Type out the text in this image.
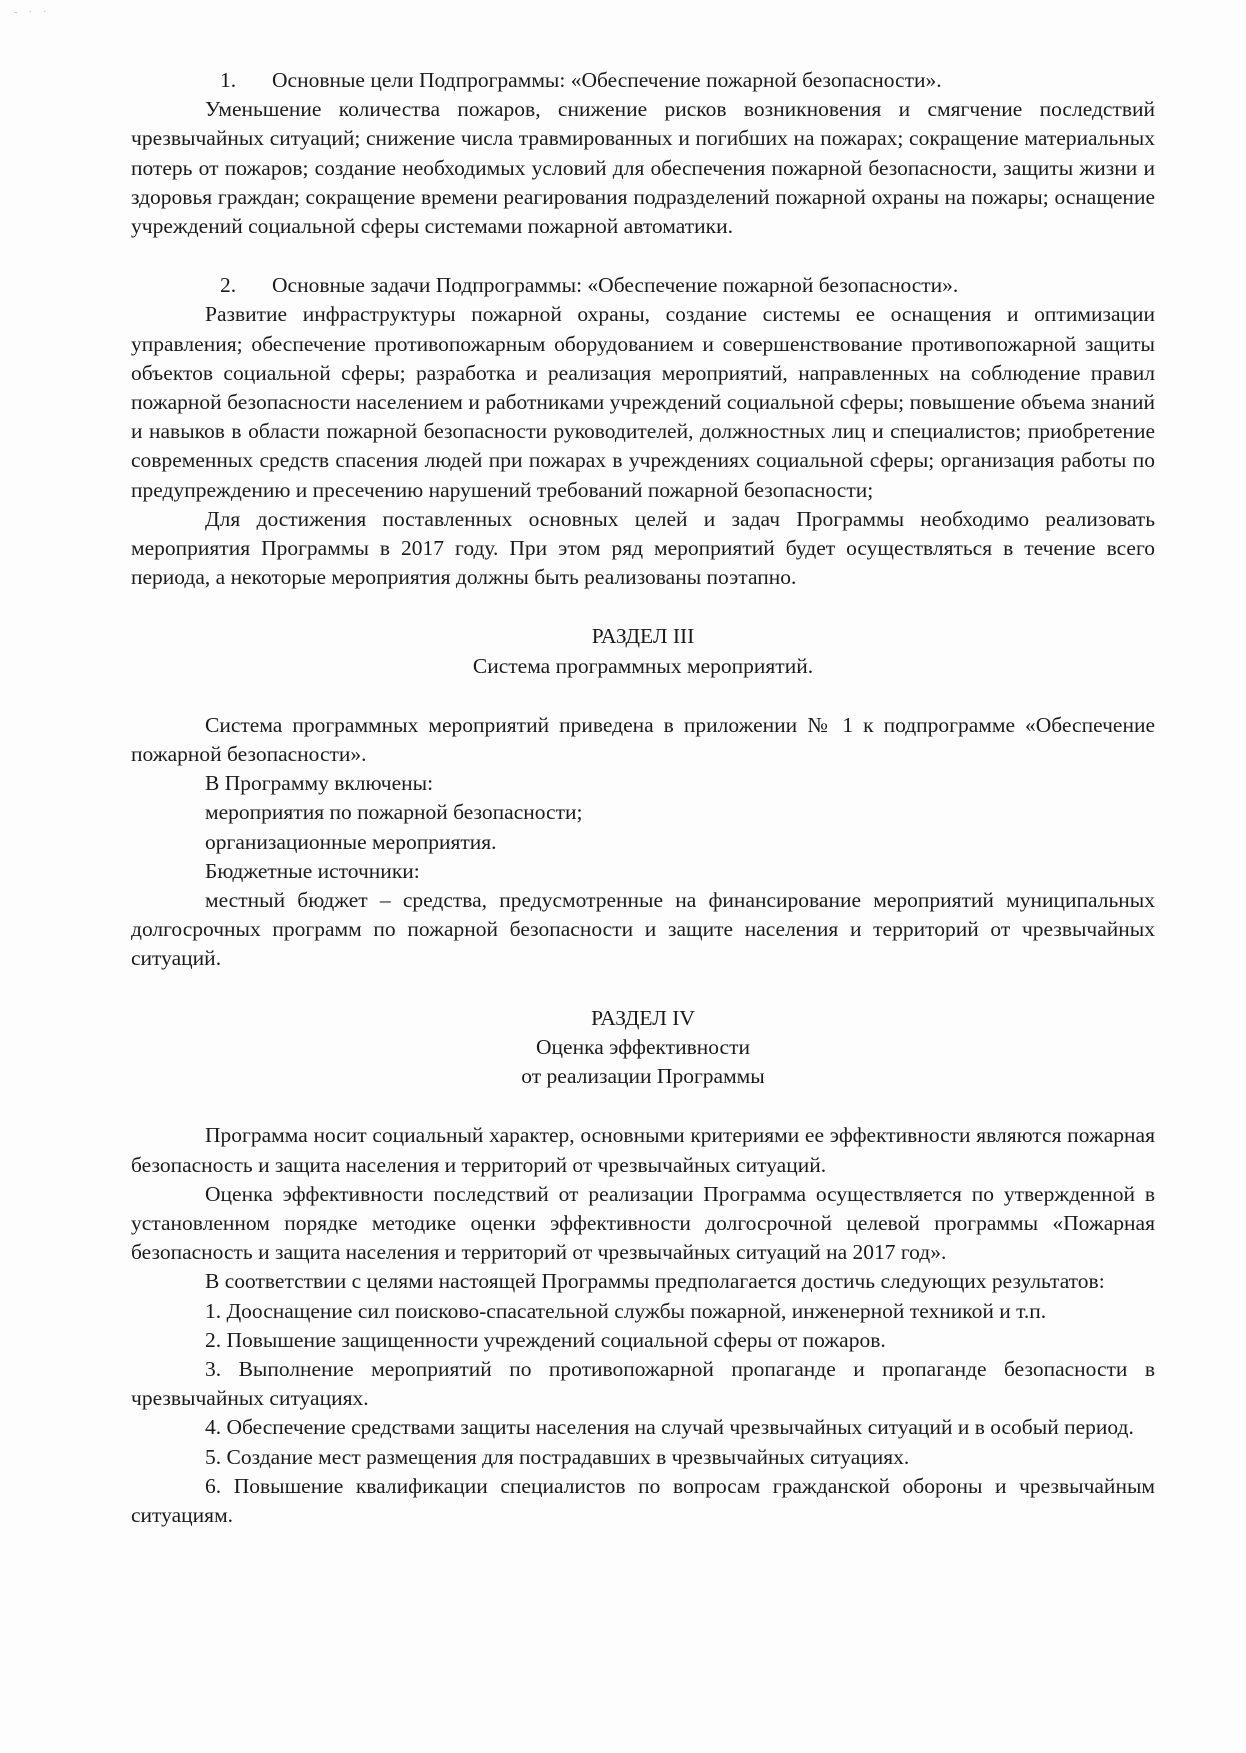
- · ·

1. Основные цели Подпрограммы: «Обеспечение пожарной безопасности».

Уменьшение количества пожаров, снижение рисков возникновения и смягчение последствий чрезвычайных ситуаций; снижение числа травмированных и погибших на пожарах; сокращение материальных потерь от пожаров; создание необходимых условий для обеспечения пожарной безопасности, защиты жизни и здоровья граждан; сокращение времени реагирования подразделений пожарной охраны на пожары; оснащение учреждений социальной сферы системами пожарной автоматики.

2. Основные задачи Подпрограммы: «Обеспечение пожарной безопасности».

Развитие инфраструктуры пожарной охраны, создание системы ее оснащения и оптимизации управления; обеспечение противопожарным оборудованием и совершенствование противопожарной защиты объектов социальной сферы; разработка и реализация мероприятий, направленных на соблюдение правил пожарной безопасности населением и работниками учреждений социальной сферы; повышение объема знаний и навыков в области пожарной безопасности руководителей, должностных лиц и специалистов; приобретение современных средств спасения людей при пожарах в учреждениях социальной сферы; организация работы по предупреждению и пресечению нарушений требований пожарной безопасности;

Для достижения поставленных основных целей и задач Программы необходимо реализовать мероприятия Программы в 2017 году. При этом ряд мероприятий будет осуществляться в течение всего периода, а некоторые мероприятия должны быть реализованы поэтапно.

РАЗДЕЛ III

Система программных мероприятий.

Система программных мероприятий приведена в приложении № 1 к подпрограмме «Обеспечение пожарной безопасности».

В Программу включены:

мероприятия по пожарной безопасности;

организационные мероприятия.

Бюджетные источники:

местный бюджет – средства, предусмотренные на финансирование мероприятий муниципальных долгосрочных программ по пожарной безопасности и защите населения и территорий от чрезвычайных ситуаций.

РАЗДЕЛ IV

Оценка эффективности

от реализации Программы

Программа носит социальный характер, основными критериями ее эффективности являются пожарная безопасность и защита населения и территорий от чрезвычайных ситуаций.

Оценка эффективности последствий от реализации Программа осуществляется по утвержденной в установленном порядке методике оценки эффективности долгосрочной целевой программы «Пожарная безопасность и защита населения и территорий от чрезвычайных ситуаций на 2017 год».

В соответствии с целями настоящей Программы предполагается достичь следующих результатов:

1. Дооснащение сил поисково-спасательной службы пожарной, инженерной техникой и т.п.

2. Повышение защищенности учреждений социальной сферы от пожаров.

3. Выполнение мероприятий по противопожарной пропаганде и пропаганде безопасности в чрезвычайных ситуациях.

4. Обеспечение средствами защиты населения на случай чрезвычайных ситуаций и в особый период.

5. Создание мест размещения для пострадавших в чрезвычайных ситуациях.

6. Повышение квалификации специалистов по вопросам гражданской обороны и чрезвычайным ситуациям.
